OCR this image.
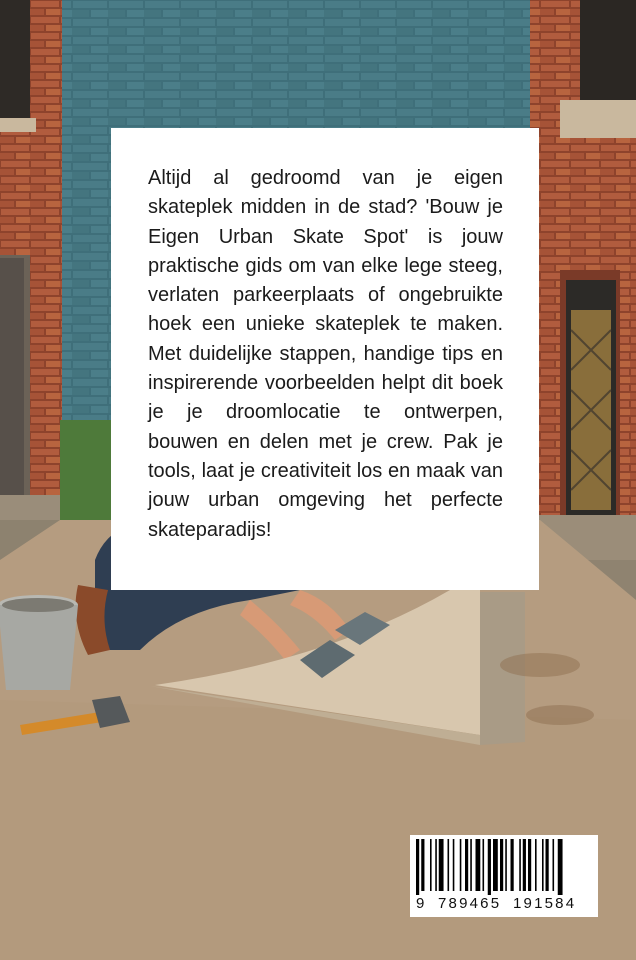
Altijd al gedroomd van je eigen skateplek midden in de stad? 'Bouw je Eigen Urban Skate Spot' is jouw praktische gids om van elke lege steeg, verlaten parkeerplaats of ongebruikte hoek een unieke skateplek te maken. Met duidelijke stappen, handige tips en inspirerende voorbeelden helpt dit boek je je droomlocatie te ontwerpen, bouwen en delen met je crew. Pak je tools, laat je creativiteit los en maak van jouw urban omgeving het perfecte skateparadijs!

9 789465 191584
